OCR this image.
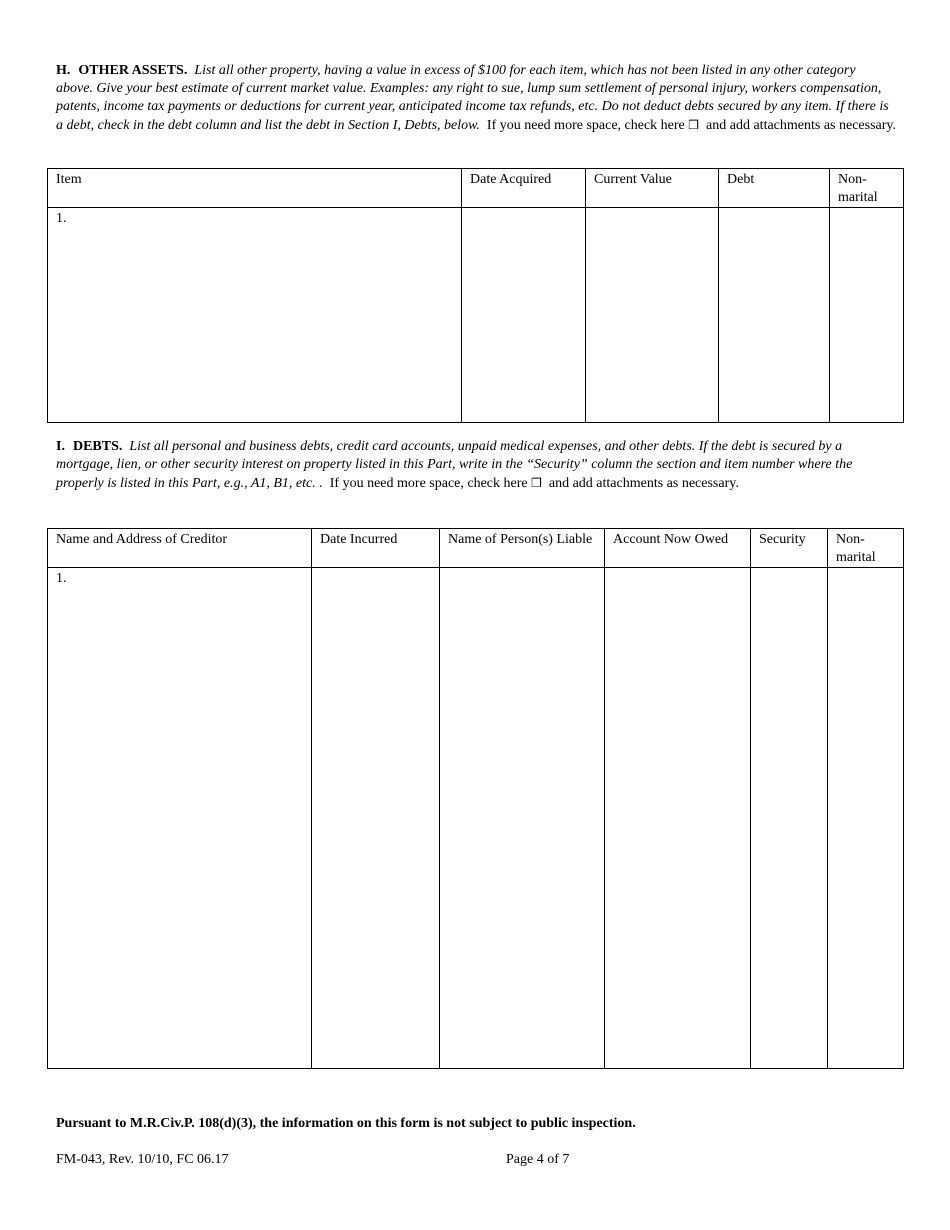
H. OTHER ASSETS. List all other property, having a value in excess of $100 for each item, which has not been listed in any other category above. Give your best estimate of current market value. Examples: any right to sue, lump sum settlement of personal injury, workers compensation, patents, income tax payments or deductions for current year, anticipated income tax refunds, etc. Do not deduct debts secured by any item. If there is a debt, check in the debt column and list the debt in Section I, Debts, below. If you need more space, check here ❒ and add attachments as necessary.

Item	Date Acquired	Current Value	Debt	Non-marital
1.				

I. DEBTS. List all personal and business debts, credit card accounts, unpaid medical expenses, and other debts. If the debt is secured by a mortgage, lien, or other security interest on property listed in this Part, write in the “Security” column the section and item number where the properly is listed in this Part, e.g., A1, B1, etc. . If you need more space, check here ❒ and add attachments as necessary.

Name and Address of Creditor	Date Incurred	Name of Person(s) Liable	Account Now Owed	Security	Non-marital
1.					
Pursuant to M.R.Civ.P. 108(d)(3), the information on this form is not subject to public inspection.
FM-043, Rev. 10/10, FC 06.17	Page 4 of 7
